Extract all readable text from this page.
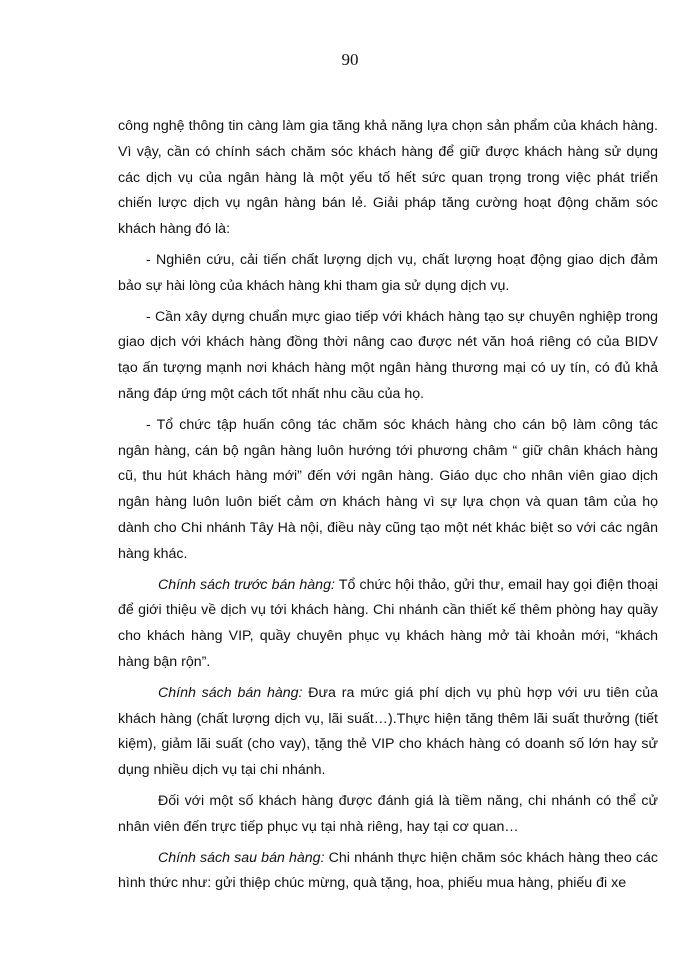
90

công nghệ thông tin càng làm gia tăng khả năng lựa chọn sản phẩm của khách hàng. Vì vậy, cần có chính sách chăm sóc khách hàng để giữ được khách hàng sử dụng các dịch vụ của ngân hàng là một yếu tố hết sức quan trọng trong việc phát triển chiến lược dịch vụ ngân hàng bán lẻ. Giải pháp tăng cường hoạt động chăm sóc khách hàng đó là:

- Nghiên cứu, cải tiến chất lượng dịch vụ, chất lượng hoạt động giao dịch đảm bảo sự hài lòng của khách hàng khi tham gia sử dụng dịch vụ.

- Cần xây dựng chuẩn mực giao tiếp với khách hàng tạo sự chuyên nghiệp trong giao dịch với khách hàng đồng thời nâng cao được nét văn hoá riêng có của BIDV tạo ấn tượng mạnh nơi khách hàng một ngân hàng thương mại có uy tín, có đủ khả năng đáp ứng một cách tốt nhất nhu cầu của họ.

- Tổ chức tập huấn công tác chăm sóc khách hàng cho cán bộ làm công tác ngân hàng, cán bộ ngân hàng luôn hướng tới phương châm “ giữ chân khách hàng cũ, thu hút khách hàng mới” đến với ngân hàng. Giáo dục cho nhân viên giao dịch ngân hàng luôn luôn biết cảm ơn khách hàng vì sự lựa chọn và quan tâm của họ dành cho Chi nhánh Tây Hà nội, điều này cũng tạo một nét khác biệt so với các ngân hàng khác.

Chính sách trước bán hàng: Tổ chức hội thảo, gửi thư, email hay gọi điện thoại để giới thiệu về dịch vụ tới khách hàng. Chi nhánh cần thiết kế thêm phòng hay quầy cho khách hàng VIP, quầy chuyên phục vụ khách hàng mở tài khoản mới, “khách hàng bận rộn”.

Chính sách bán hàng: Đưa ra mức giá phí dịch vụ phù hợp với ưu tiên của khách hàng (chất lượng dịch vụ, lãi suất…).Thực hiện tăng thêm lãi suất thưởng (tiết kiệm), giảm lãi suất (cho vay), tặng thẻ VIP cho khách hàng có doanh số lớn hay sử dụng nhiều dịch vụ tại chi nhánh.

Đối với một số khách hàng được đánh giá là tiềm năng, chi nhánh có thể cử nhân viên đến trực tiếp phục vụ tại nhà riêng, hay tại cơ quan…

Chính sách sau bán hàng: Chi nhánh thực hiện chăm sóc khách hàng theo các hình thức như: gửi thiệp chúc mừng, quà tặng, hoa, phiếu mua hàng, phiếu đi xe
